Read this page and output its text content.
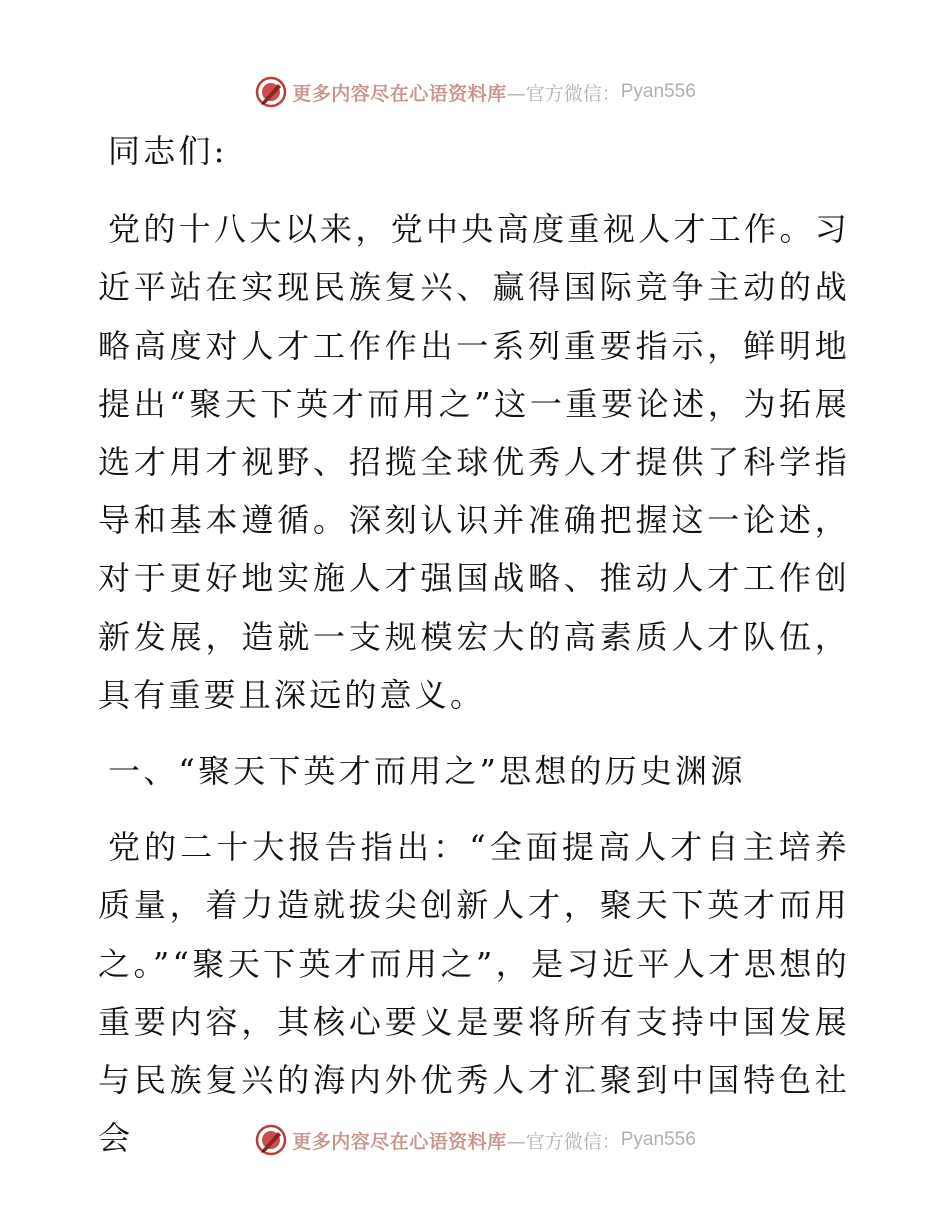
更多内容尽在心语资料库 —官方微信： Pyan556

同志们:

党的十八大以来，党中央高度重视人才工作。习近平站在实现民族复兴、赢得国际竞争主动的战略高度对人才工作作出一系列重要指示，鲜明地提出“聚天下英才而用之”这一重要论述，为拓展选才用才视野、招揽全球优秀人才提供了科学指导和基本遵循。深刻认识并准确把握这一论述，对于更好地实施人才强国战略、推动人才工作创新发展，造就一支规模宏大的高素质人才队伍，具有重要且深远的意义。

一、“聚天下英才而用之”思想的历史渊源

党的二十大报告指出：“全面提高人才自主培养质量，着力造就拔尖创新人才，聚天下英才而用之。”“聚天下英才而用之”，是习近平人才思想的重要内容，其核心要义是要将所有支持中国发展与民族复兴的海内外优秀人才汇聚到中国特色社会	更多内容尽在心语资料库 —官方微信： Pyan556
